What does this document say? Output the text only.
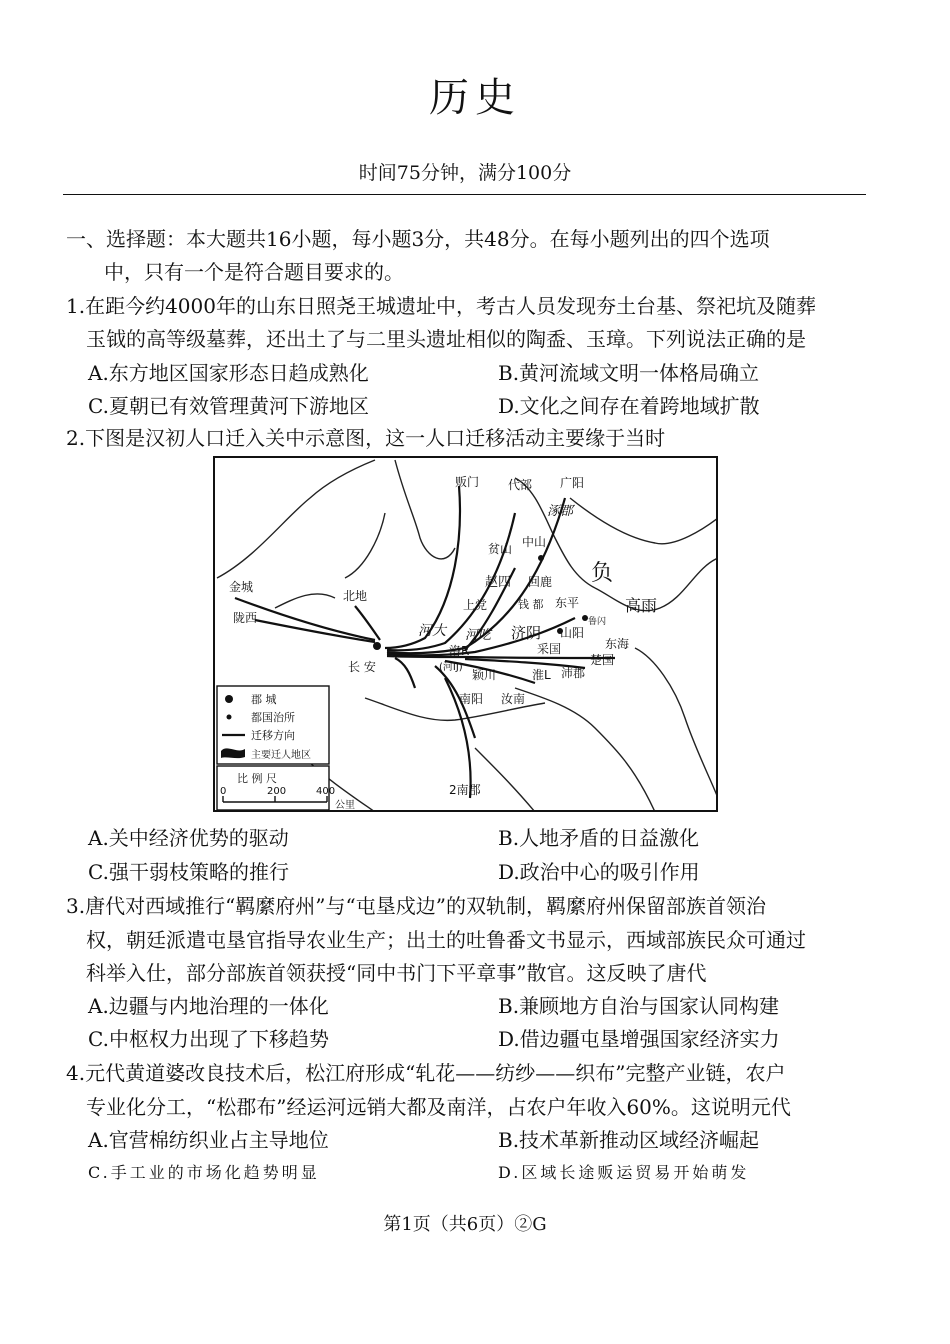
历史
时间75分钟，满分100分
一、选择题：本大题共16小题，每小题3分，共48分。在每小题列出的四个选项
中，只有一个是符合题目要求的。
1.在距今约4000年的山东日照尧王城遗址中，考古人员发现夯土台基、祭祀坑及随葬
玉钺的高等级墓葬，还出土了与二里头遗址相似的陶盉、玉璋。下列说法正确的是
A.东方地区国家形态日趋成熟化	B.黄河流域文明一体格局确立
C.夏朝已有效管理黄河下游地区	D.文化之间存在着跨地域扩散
2.下图是汉初人口迁入关中示意图，这一人口迁移活动主要缘于当时
贩门 代部 广阳
涿郡
贫山 中山
赵四 回鹿 负
高雨
金城
陇西
北地
上党	钱 都 东平
鲁闪
河大 河吃 济阴 山阳
东海
洛R
(河IJ)
采国
楚国
长 安
颖川	淮L 沛郡
南阳 汝南
2南郡
郡 城
都国治所
迁移方向
主要迁人地区
比 例 尺
0	200	400
公里
A.关中经济优势的驱动	B.人地矛盾的日益激化
C.强干弱枝策略的推行	D.政治中心的吸引作用
3.唐代对西域推行“羁縻府州”与“屯垦戍边”的双轨制，羁縻府州保留部族首领治
权，朝廷派遣屯垦官指导农业生产；出土的吐鲁番文书显示，西域部族民众可通过
科举入仕，部分部族首领获授“同中书门下平章事”散官。这反映了唐代
A.边疆与内地治理的一体化	B.兼顾地方自治与国家认同构建
C.中枢权力出现了下移趋势	D.借边疆屯垦增强国家经济实力
4.元代黄道婆改良技术后，松江府形成“轧花——纺纱——织布”完整产业链，农户
专业化分工，“松郡布”经运河远销大都及南洋，占农户年收入60%。这说明元代
A.官营棉纺织业占主导地位	B.技术革新推动区域经济崛起
C.手工业的市场化趋势明显	D.区域长途贩运贸易开始萌发
第1页（共6页）②G
